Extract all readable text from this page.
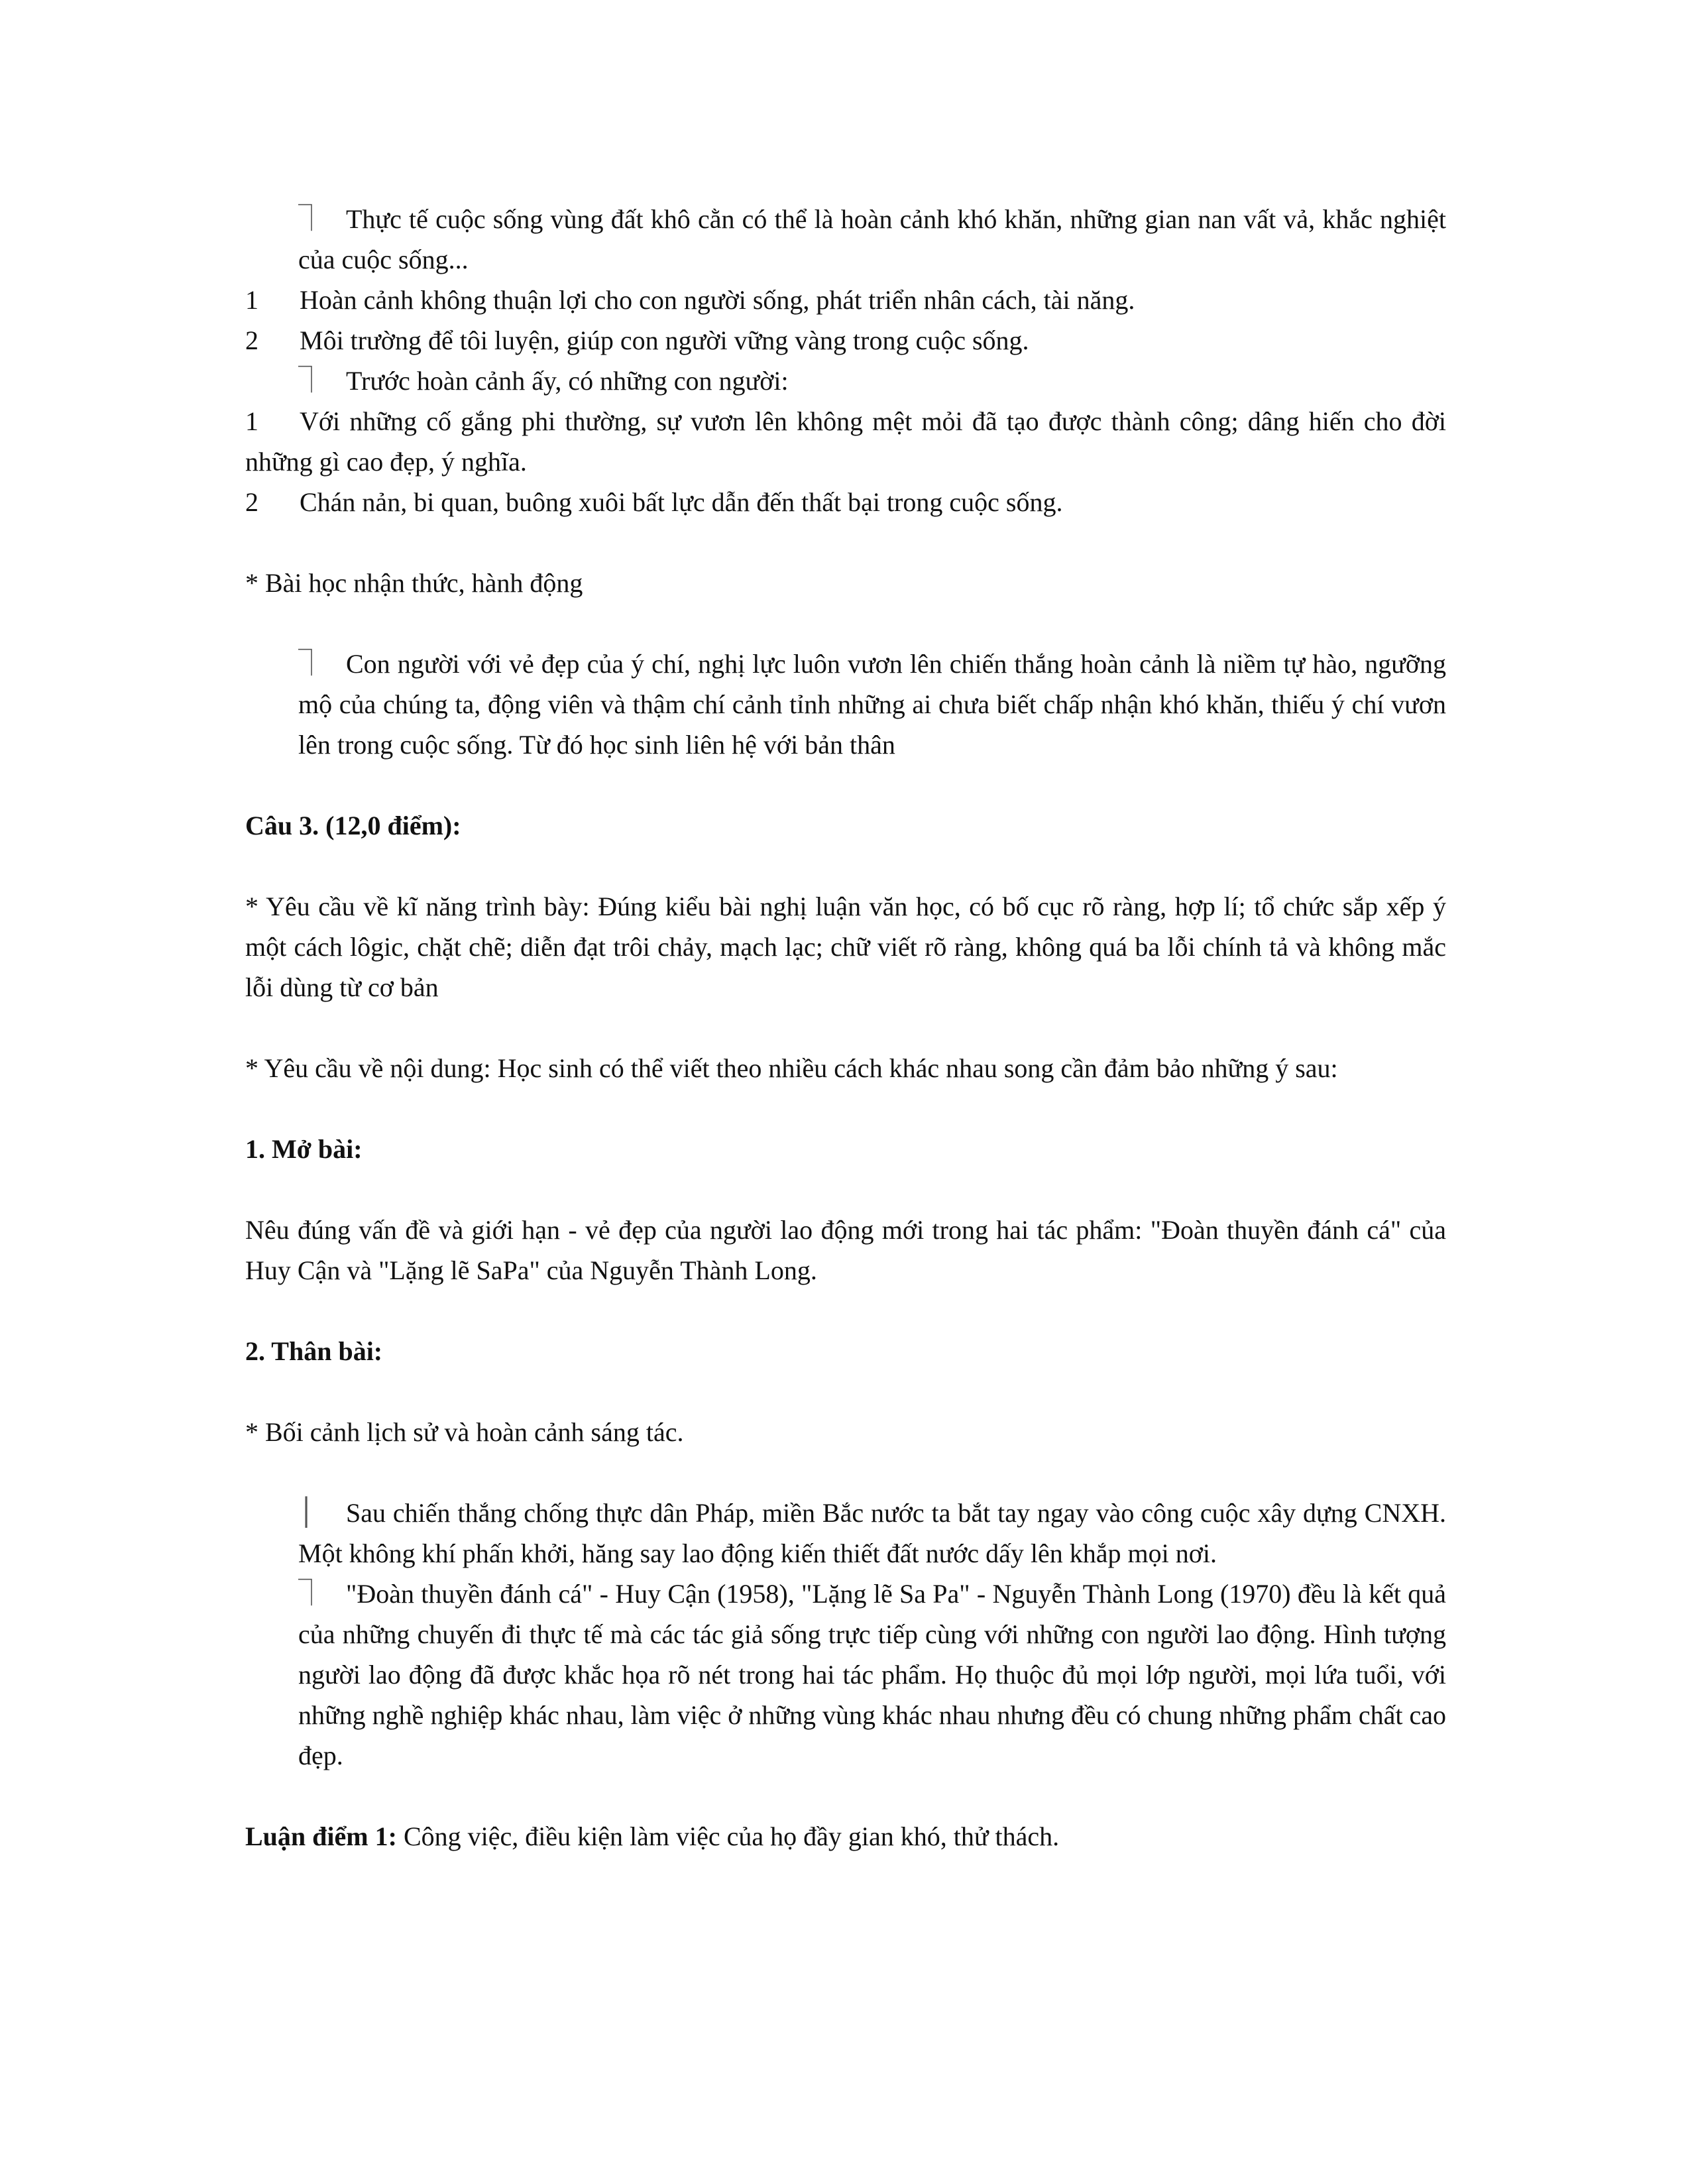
⏋ Thực tế cuộc sống vùng đất khô cằn có thể là hoàn cảnh khó khăn, những gian nan vất vả, khắc nghiệt của cuộc sống...
1 Hoàn cảnh không thuận lợi cho con người sống, phát triển nhân cách, tài năng.
2 Môi trường để tôi luyện, giúp con người vững vàng trong cuộc sống.
⏋ Trước hoàn cảnh ấy, có những con người:
1 Với những cố gắng phi thường, sự vươn lên không mệt mỏi đã tạo được thành công; dâng hiến cho đời những gì cao đẹp, ý nghĩa.
2 Chán nản, bi quan, buông xuôi bất lực dẫn đến thất bại trong cuộc sống.

* Bài học nhận thức, hành động

⏋ Con người với vẻ đẹp của ý chí, nghị lực luôn vươn lên chiến thắng hoàn cảnh là niềm tự hào, ngưỡng mộ của chúng ta, động viên và thậm chí cảnh tỉnh những ai chưa biết chấp nhận khó khăn, thiếu ý chí vươn lên trong cuộc sống. Từ đó học sinh liên hệ với bản thân

Câu 3. (12,0 điểm):

* Yêu cầu về kĩ năng trình bày: Đúng kiểu bài nghị luận văn học, có bố cục rõ ràng, hợp lí; tổ chức sắp xếp ý một cách lôgic, chặt chẽ; diễn đạt trôi chảy, mạch lạc; chữ viết rõ ràng, không quá ba lỗi chính tả và không mắc lỗi dùng từ cơ bản

* Yêu cầu về nội dung: Học sinh có thể viết theo nhiều cách khác nhau song cần đảm bảo những ý sau:

1. Mở bài:

Nêu đúng vấn đề và giới hạn - vẻ đẹp của người lao động mới trong hai tác phẩm: "Đoàn thuyền đánh cá" của Huy Cận và "Lặng lẽ SaPa" của Nguyễn Thành Long.

2. Thân bài:

* Bối cảnh lịch sử và hoàn cảnh sáng tác.

│	Sau chiến thắng chống thực dân Pháp, miền Bắc nước ta bắt tay ngay vào công cuộc xây dựng CNXH. Một không khí phấn khởi, hăng say lao động kiến thiết đất nước dấy lên khắp mọi nơi.
⏋ "Đoàn thuyền đánh cá" - Huy Cận (1958), "Lặng lẽ Sa Pa" - Nguyễn Thành Long (1970) đều là kết quả của những chuyến đi thực tế mà các tác giả sống trực tiếp cùng với những con người lao động. Hình tượng người lao động đã được khắc họa rõ nét trong hai tác phẩm. Họ thuộc đủ mọi lớp người, mọi lứa tuổi, với những nghề nghiệp khác nhau, làm việc ở những vùng khác nhau nhưng đều có chung những phẩm chất cao đẹp.

Luận điểm 1: Công việc, điều kiện làm việc của họ đầy gian khó, thử thách.
